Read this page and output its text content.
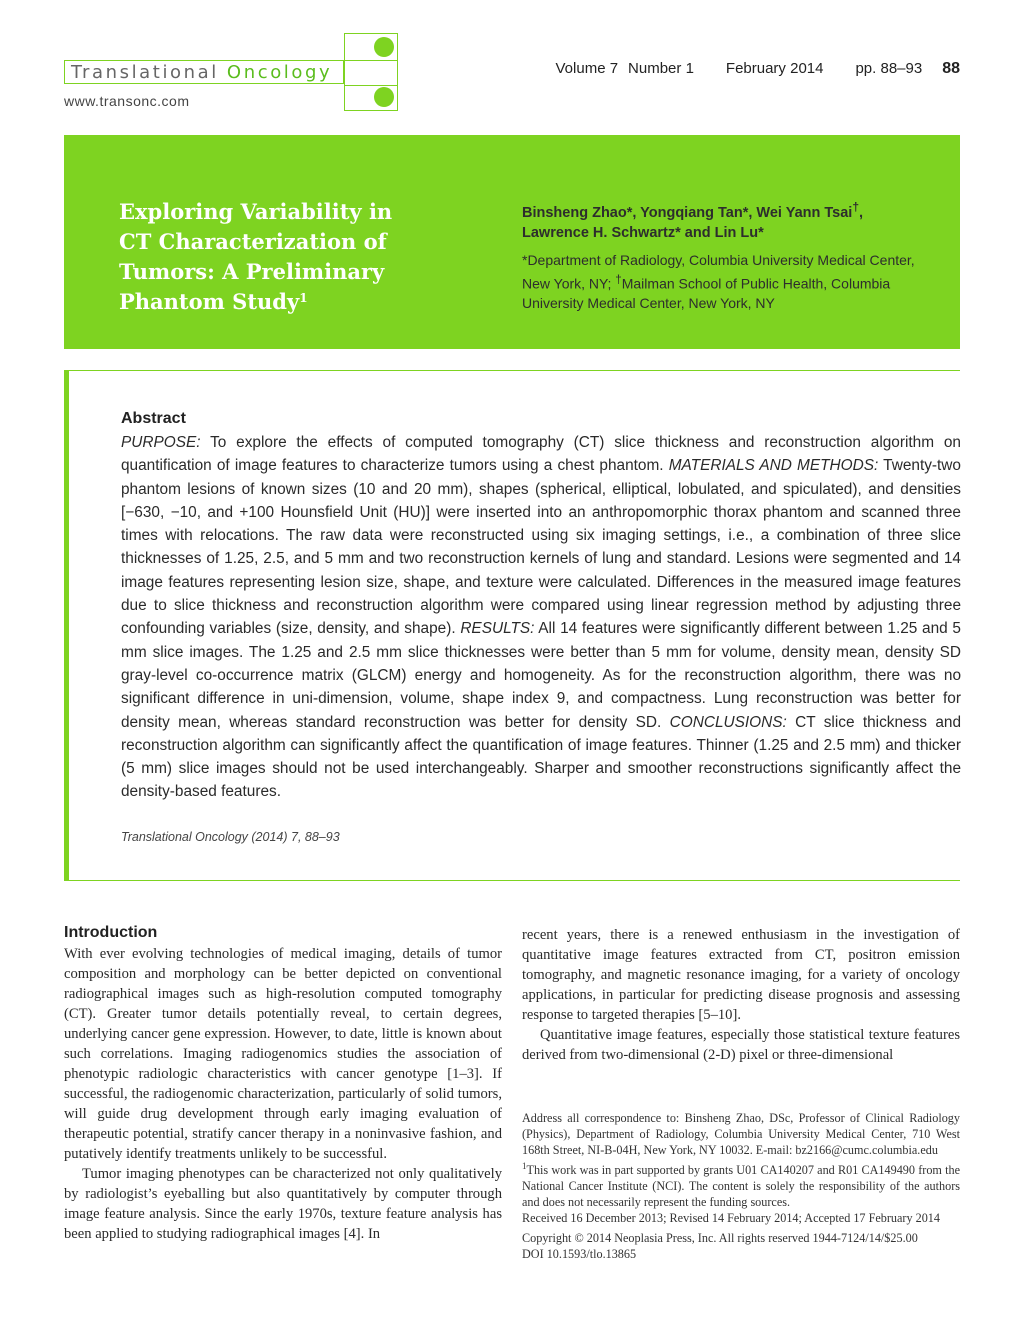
Translational Oncology
www.transonc.com
Volume 7 Number 1 February 2014 pp. 88–93 88
Exploring Variability in CT Characterization of Tumors: A Preliminary Phantom Study$^1$
Binsheng Zhao*, Yongqiang Tan*, Wei Yann Tsai†,
Lawrence H. Schwartz* and Lin Lu*
*Department of Radiology, Columbia University Medical Center, New York, NY; †Mailman School of Public Health, Columbia University Medical Center, New York, NY
Abstract
PURPOSE: To explore the effects of computed tomography (CT) slice thickness and reconstruction algorithm on quantification of image features to characterize tumors using a chest phantom. MATERIALS AND METHODS: Twenty-two phantom lesions of known sizes (10 and 20 mm), shapes (spherical, elliptical, lobulated, and spiculated), and densities [−630, −10, and +100 Hounsfield Unit (HU)] were inserted into an anthropomorphic thorax phantom and scanned three times with relocations. The raw data were reconstructed using six imaging settings, i.e., a combination of three slice thicknesses of 1.25, 2.5, and 5 mm and two reconstruction kernels of lung and standard. Lesions were segmented and 14 image features representing lesion size, shape, and texture were calculated. Differences in the measured image features due to slice thickness and reconstruction algorithm were compared using linear regression method by adjusting three confounding variables (size, density, and shape). RESULTS: All 14 features were significantly different between 1.25 and 5 mm slice images. The 1.25 and 2.5 mm slice thicknesses were better than 5 mm for volume, density mean, density SD gray-level co-occurrence matrix (GLCM) energy and homogeneity. As for the reconstruction algorithm, there was no significant difference in uni-dimension, volume, shape index 9, and compactness. Lung reconstruction was better for density mean, whereas standard reconstruction was better for density SD. CONCLUSIONS: CT slice thickness and reconstruction algorithm can significantly affect the quantification of image features. Thinner (1.25 and 2.5 mm) and thicker (5 mm) slice images should not be used interchangeably. Sharper and smoother reconstructions significantly affect the density-based features.
Translational Oncology (2014) 7, 88–93
Introduction

With ever evolving technologies of medical imaging, details of tumor composition and morphology can be better depicted on conventional radiographical images such as high-resolution computed tomography (CT). Greater tumor details potentially reveal, to certain degrees, underlying cancer gene expression. However, to date, little is known about such correlations. Imaging radiogenomics studies the association of phenotypic radiologic characteristics with cancer genotype [1–3]. If successful, the radiogenomic characterization, particularly of solid tumors, will guide drug development through early imaging evaluation of therapeutic potential, stratify cancer therapy in a noninvasive fashion, and putatively identify treatments unlikely to be successful.

Tumor imaging phenotypes can be characterized not only qualitatively by radiologist’s eyeballing but also quantitatively by computer through image feature analysis. Since the early 1970s, texture feature analysis has been applied to studying radiographical images [4]. In

recent years, there is a renewed enthusiasm in the investigation of quantitative image features extracted from CT, positron emission tomography, and magnetic resonance imaging, for a variety of oncology applications, in particular for predicting disease prognosis and assessing response to targeted therapies [5–10].

Quantitative image features, especially those statistical texture features derived from two-dimensional (2-D) pixel or three-dimensional

Address all correspondence to: Binsheng Zhao, DSc, Professor of Clinical Radiology (Physics), Department of Radiology, Columbia University Medical Center, 710 West 168th Street, NI-B-04H, New York, NY 10032. E-mail: bz2166@cumc.columbia.edu

$^1$This work was in part supported by grants U01 CA140207 and R01 CA149490 from the National Cancer Institute (NCI). The content is solely the responsibility of the authors and does not necessarily represent the funding sources.

Received 16 December 2013; Revised 14 February 2014; Accepted 17 February 2014

Copyright © 2014 Neoplasia Press, Inc. All rights reserved 1944-7124/14/$25.00

DOI 10.1593/tlo.13865
